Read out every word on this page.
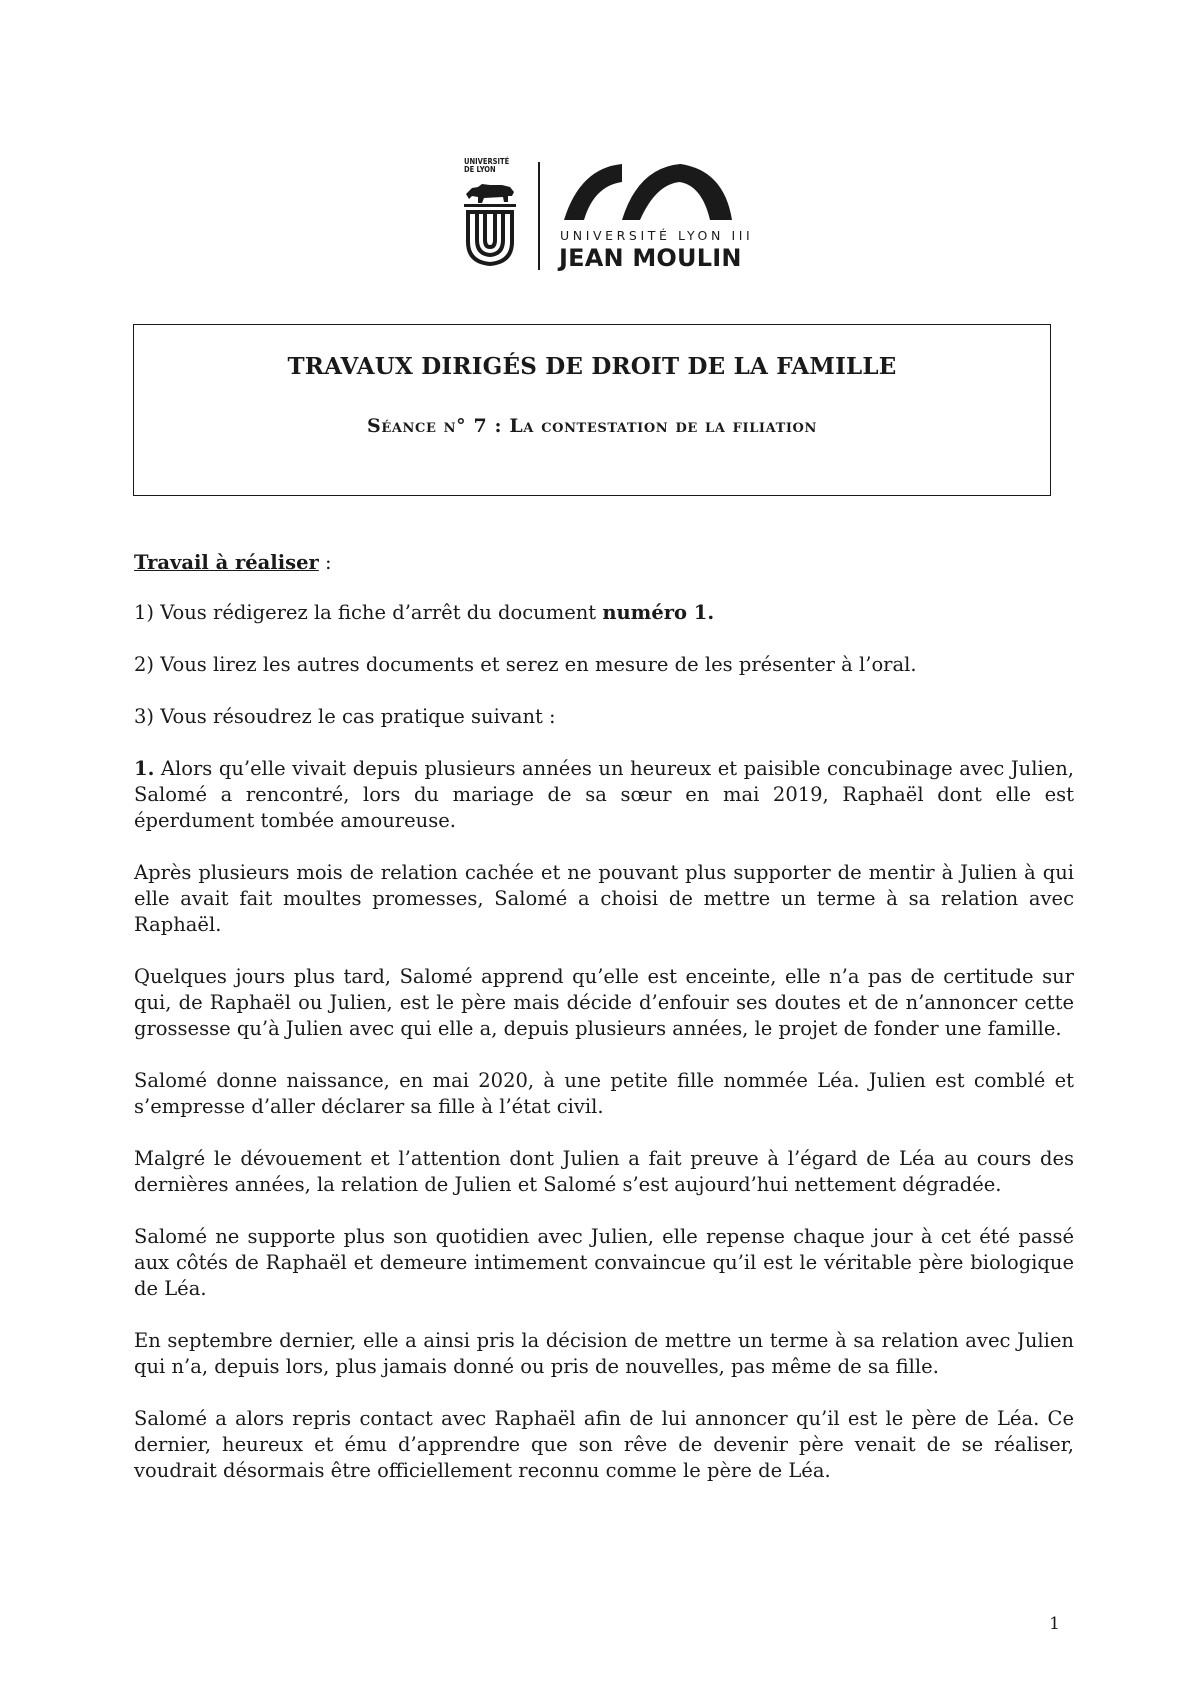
UNIVERSITÉ
DE LYON
UNIVERSITÉ LYON III
JEAN MOULIN
TRAVAUX DIRIGÉS DE DROIT DE LA FAMILLE
Séance n° 7 : La contestation de la filiation

Travail à réaliser :

1) Vous rédigerez la fiche d’arrêt du document numéro 1.

2) Vous lirez les autres documents et serez en mesure de les présenter à l’oral.

3) Vous résoudrez le cas pratique suivant :

1. Alors qu’elle vivait depuis plusieurs années un heureux et paisible concubinage avec Julien, Salomé a rencontré, lors du mariage de sa sœur en mai 2019, Raphaël dont elle est éperdument tombée amoureuse.

Après plusieurs mois de relation cachée et ne pouvant plus supporter de mentir à Julien à qui elle avait fait moultes promesses, Salomé a choisi de mettre un terme à sa relation avec Raphaël.

Quelques jours plus tard, Salomé apprend qu’elle est enceinte, elle n’a pas de certitude sur qui, de Raphaël ou Julien, est le père mais décide d’enfouir ses doutes et de n’annoncer cette grossesse qu’à Julien avec qui elle a, depuis plusieurs années, le projet de fonder une famille.

Salomé donne naissance, en mai 2020, à une petite fille nommée Léa. Julien est comblé et s’empresse d’aller déclarer sa fille à l’état civil.

Malgré le dévouement et l’attention dont Julien a fait preuve à l’égard de Léa au cours des dernières années, la relation de Julien et Salomé s’est aujourd’hui nettement dégradée.

Salomé ne supporte plus son quotidien avec Julien, elle repense chaque jour à cet été passé aux côtés de Raphaël et demeure intimement convaincue qu’il est le véritable père biologique de Léa.

En septembre dernier, elle a ainsi pris la décision de mettre un terme à sa relation avec Julien qui n’a, depuis lors, plus jamais donné ou pris de nouvelles, pas même de sa fille.

Salomé a alors repris contact avec Raphaël afin de lui annoncer qu’il est le père de Léa. Ce dernier, heureux et ému d’apprendre que son rêve de devenir père venait de se réaliser, voudrait désormais être officiellement reconnu comme le père de Léa.

1
